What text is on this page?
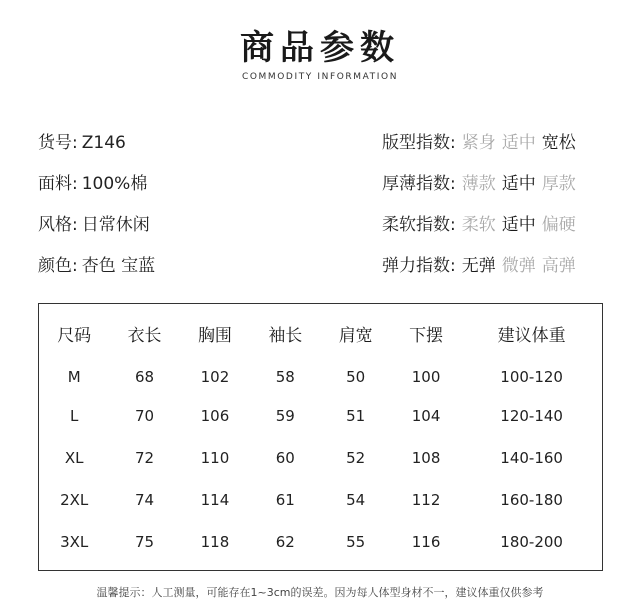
商品参数
COMMODITY INFORMATION
货号: Z146
面料: 100%棉
风格: 日常休闲
颜色: 杏色 宝蓝
版型指数: 紧身 适中 宽松
厚薄指数: 薄款 适中 厚款
柔软指数: 柔软 适中 偏硬
弹力指数: 无弹 微弹 高弹
尺码	衣长	胸围	袖长	肩宽	下摆	建议体重
M	68	102	58	50	100	100-120
L	70	106	59	51	104	120-140
XL	72	110	60	52	108	140-160
2XL	74	114	61	54	112	160-180
3XL	75	118	62	55	116	180-200
温馨提示：人工测量，可能存在1~3cm的误差。因为每人体型身材不一，建议体重仅供参考
